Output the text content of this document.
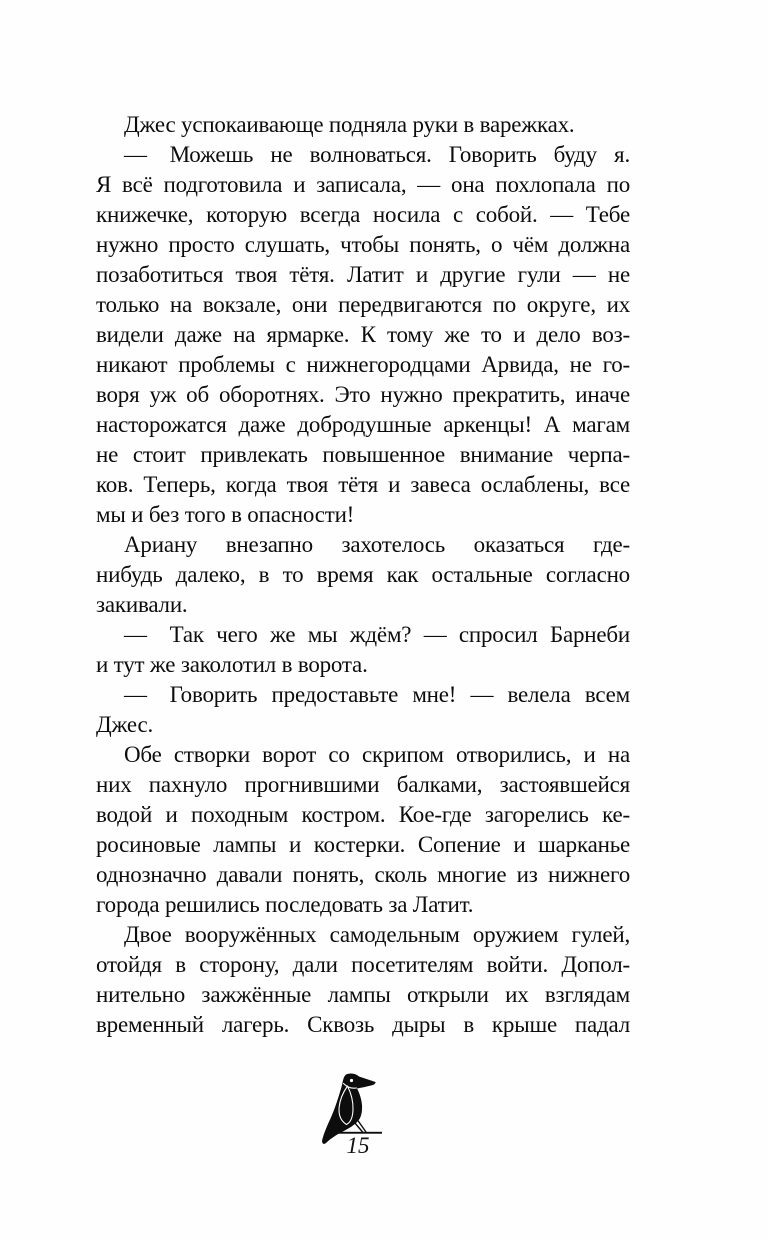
Джес успокаивающе подняла руки в варежках.
— Можешь не волноваться. Говорить буду я.
Я всё подготовила и записала, — она похлопала по
книжечке, которую всегда носила с собой. — Тебе
нужно просто слушать, чтобы понять, о чём должна
позаботиться твоя тётя. Латит и другие гули — не
только на вокзале, они передвигаются по округе, их
видели даже на ярмарке. К тому же то и дело воз-
никают проблемы с нижнегородцами Арвида, не го-
воря уж об оборотнях. Это нужно прекратить, иначе
насторожатся даже добродушные аркенцы! А магам
не стоит привлекать повышенное внимание черпа-
ков. Теперь, когда твоя тётя и завеса ослаблены, все
мы и без того в опасности!
Ариану внезапно захотелось оказаться где-
нибудь далеко, в то время как остальные согласно
закивали.
— Так чего же мы ждём? — спросил Барнеби
и тут же заколотил в ворота.
— Говорить предоставьте мне! — велела всем
Джес.
Обе створки ворот со скрипом отворились, и на
них пахнуло прогнившими балками, застоявшейся
водой и походным костром. Кое-где загорелись ке-
росиновые лампы и костерки. Сопение и шарканье
однозначно давали понять, сколь многие из нижнего
города решились последовать за Латит.
Двое вооружённых самодельным оружием гулей,
отойдя в сторону, дали посетителям войти. Допол-
нительно зажжённые лампы открыли их взглядам
временный лагерь. Сквозь дыры в крыше падал
15
